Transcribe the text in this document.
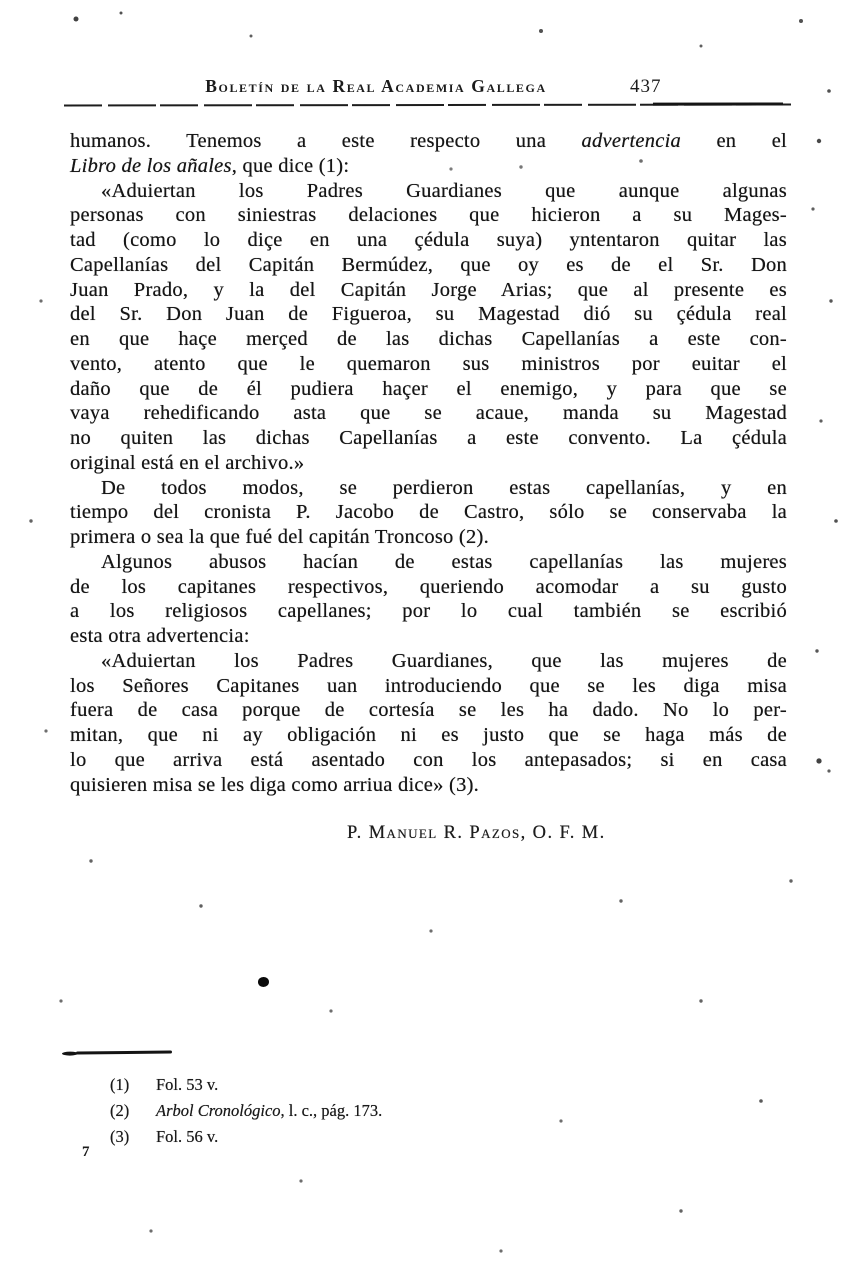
Boletín de la Real Academia Gallega	437
humanos. Tenemos a este respecto una advertencia en el
Libro de los añales, que dice (1):
«Aduiertan los Padres Guardianes que aunque algunas
personas con siniestras delaciones que hicieron a su Mages-
tad (como lo diçe en una çédula suya) yntentaron quitar las
Capellanías del Capitán Bermúdez, que oy es de el Sr. Don
Juan Prado, y la del Capitán Jorge Arias; que al presente es
del Sr. Don Juan de Figueroa, su Magestad dió su çédula real
en que haçe merçed de las dichas Capellanías a este con-
vento, atento que le quemaron sus ministros por euitar el
daño que de él pudiera haçer el enemigo, y para que se
vaya rehedificando asta que se acaue, manda su Magestad
no quiten las dichas Capellanías a este convento. La çédula
original está en el archivo.»
De todos modos, se perdieron estas capellanías, y en
tiempo del cronista P. Jacobo de Castro, sólo se conservaba la
primera o sea la que fué del capitán Troncoso (2).
Algunos abusos hacían de estas capellanías las mujeres
de los capitanes respectivos, queriendo acomodar a su gusto
a los religiosos capellanes; por lo cual también se escribió
esta otra advertencia:
«Aduiertan los Padres Guardianes, que las mujeres de
los Señores Capitanes uan introduciendo que se les diga misa
fuera de casa porque de cortesía se les ha dado. No lo per-
mitan, que ni ay obligación ni es justo que se haga más de
lo que arriva está asentado con los antepasados; si en casa
quisieren misa se les diga como arriua dice» (3).
P. Manuel R. Pazos, O. F. M.
(1)	Fol. 53 v.
(2)	Arbol Cronológico, l. c., pág. 173.
(3)	Fol. 56 v.
7
